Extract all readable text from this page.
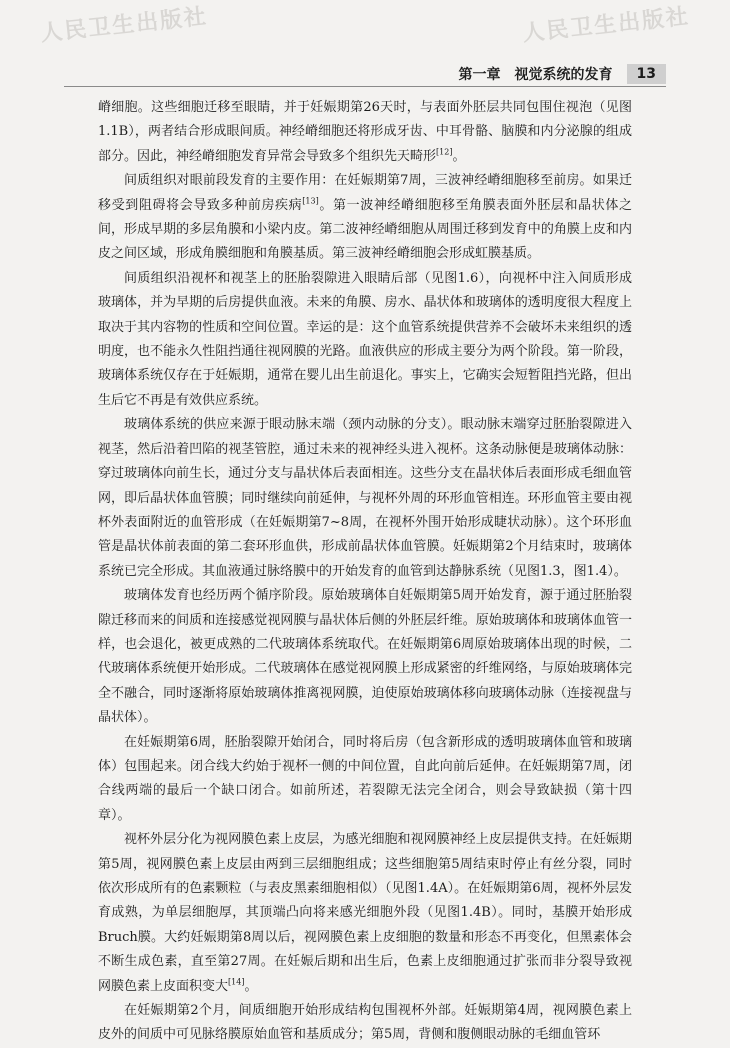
人民卫生出版社	人民卫生出版社
第一章　视觉系统的发育	13

嵴细胞。这些细胞迁移至眼睛，并于妊娠期第26天时，与表面外胚层共同包围住视泡（见图1.1B），两者结合形成眼间质。神经嵴细胞还将形成牙齿、中耳骨骼、脑膜和内分泌腺的组成部分。因此，神经嵴细胞发育异常会导致多个组织先天畸形[12]。

间质组织对眼前段发育的主要作用：在妊娠期第7周，三波神经嵴细胞移至前房。如果迁移受到阻碍将会导致多种前房疾病[13]。第一波神经嵴细胞移至角膜表面外胚层和晶状体之间，形成早期的多层角膜和小梁内皮。第二波神经嵴细胞从周围迁移到发育中的角膜上皮和内皮之间区域，形成角膜细胞和角膜基质。第三波神经嵴细胞会形成虹膜基质。

间质组织沿视杯和视茎上的胚胎裂隙进入眼睛后部（见图1.6），向视杯中注入间质形成玻璃体，并为早期的后房提供血液。未来的角膜、房水、晶状体和玻璃体的透明度很大程度上取决于其内容物的性质和空间位置。幸运的是：这个血管系统提供营养不会破坏未来组织的透明度，也不能永久性阻挡通往视网膜的光路。血液供应的形成主要分为两个阶段。第一阶段，玻璃体系统仅存在于妊娠期，通常在婴儿出生前退化。事实上，它确实会短暂阻挡光路，但出生后它不再是有效供应系统。

玻璃体系统的供应来源于眼动脉末端（颈内动脉的分支）。眼动脉末端穿过胚胎裂隙进入视茎，然后沿着凹陷的视茎管腔，通过未来的视神经头进入视杯。这条动脉便是玻璃体动脉：穿过玻璃体向前生长，通过分支与晶状体后表面相连。这些分支在晶状体后表面形成毛细血管网，即后晶状体血管膜；同时继续向前延伸，与视杯外周的环形血管相连。环形血管主要由视杯外表面附近的血管形成（在妊娠期第7~8周，在视杯外围开始形成睫状动脉）。这个环形血管是晶状体前表面的第二套环形血供，形成前晶状体血管膜。妊娠期第2个月结束时，玻璃体系统已完全形成。其血液通过脉络膜中的开始发育的血管到达静脉系统（见图1.3，图1.4）。

玻璃体发育也经历两个循序阶段。原始玻璃体自妊娠期第5周开始发育，源于通过胚胎裂隙迁移而来的间质和连接感觉视网膜与晶状体后侧的外胚层纤维。原始玻璃体和玻璃体血管一样，也会退化，被更成熟的二代玻璃体系统取代。在妊娠期第6周原始玻璃体出现的时候，二代玻璃体系统便开始形成。二代玻璃体在感觉视网膜上形成紧密的纤维网络，与原始玻璃体完全不融合，同时逐渐将原始玻璃体推离视网膜，迫使原始玻璃体移向玻璃体动脉（连接视盘与晶状体）。

在妊娠期第6周，胚胎裂隙开始闭合，同时将后房（包含新形成的透明玻璃体血管和玻璃体）包围起来。闭合线大约始于视杯一侧的中间位置，自此向前后延伸。在妊娠期第7周，闭合线两端的最后一个缺口闭合。如前所述，若裂隙无法完全闭合，则会导致缺损（第十四章）。

视杯外层分化为视网膜色素上皮层，为感光细胞和视网膜神经上皮层提供支持。在妊娠期第5周，视网膜色素上皮层由两到三层细胞组成；这些细胞第5周结束时停止有丝分裂，同时依次形成所有的色素颗粒（与表皮黑素细胞相似）（见图1.4A）。在妊娠期第6周，视杯外层发育成熟，为单层细胞厚，其顶端凸向将来感光细胞外段（见图1.4B）。同时，基膜开始形成Bruch膜。大约妊娠期第8周以后，视网膜色素上皮细胞的数量和形态不再变化，但黑素体会不断生成色素，直至第27周。在妊娠后期和出生后，色素上皮细胞通过扩张而非分裂导致视网膜色素上皮面积变大[14]。

在妊娠期第2个月，间质细胞开始形成结构包围视杯外部。妊娠期第4周，视网膜色素上皮外的间质中可见脉络膜原始血管和基质成分；第5周，背侧和腹侧眼动脉的毛细血管环
